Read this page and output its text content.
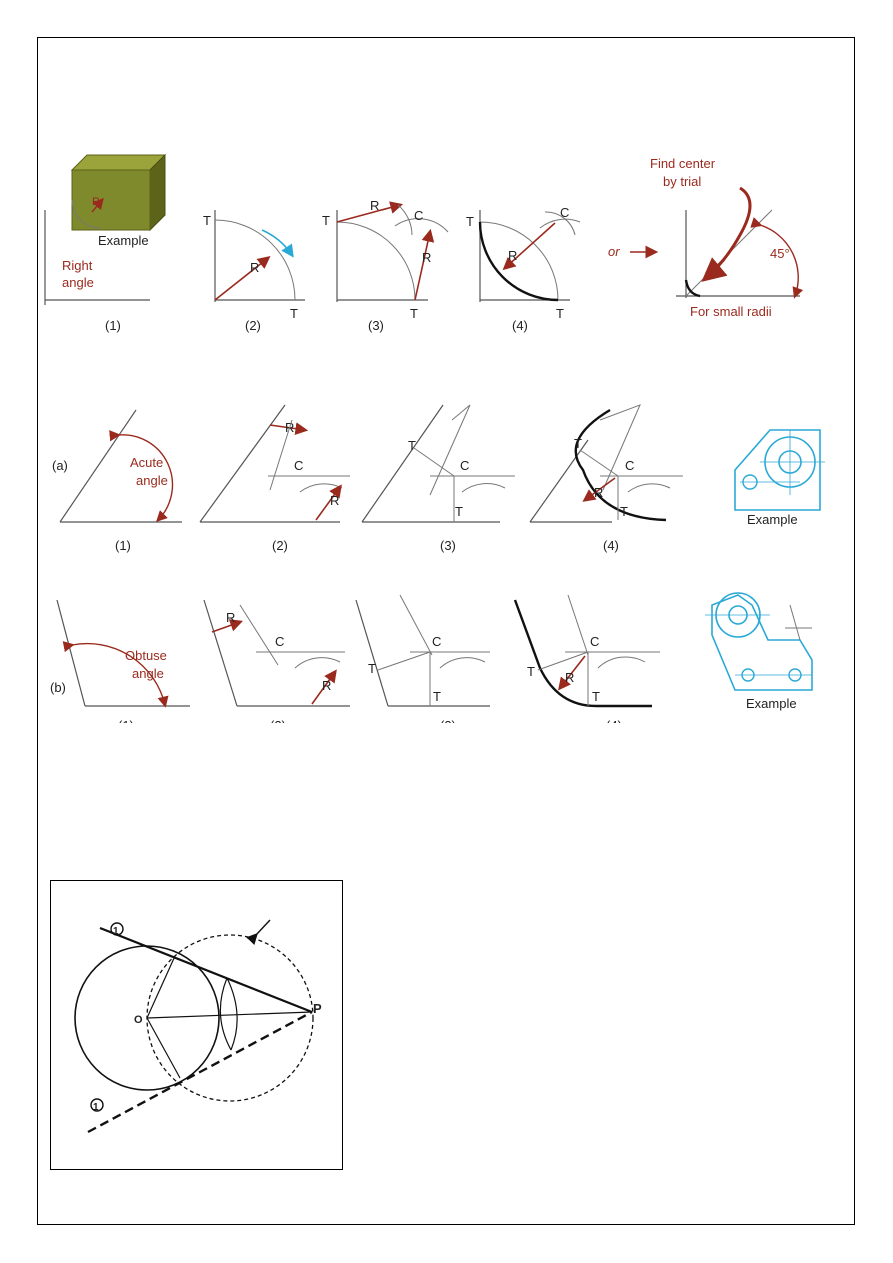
R
Example
Right
angle
(1)
R
T
T
(2)
R
R
C
T
T
(3)
R
C
T
T
(4)
or	45°
Find center
by trial
For small radii
(a)	Acute
angle
(1)
R
R
C
(2)
T
C
T
(3)
T
C
R
T
(4)
Example
(b)
Obtuse
angle
R
R
C
T
C
T
T
C
R
T	Example
1
1
O
P
